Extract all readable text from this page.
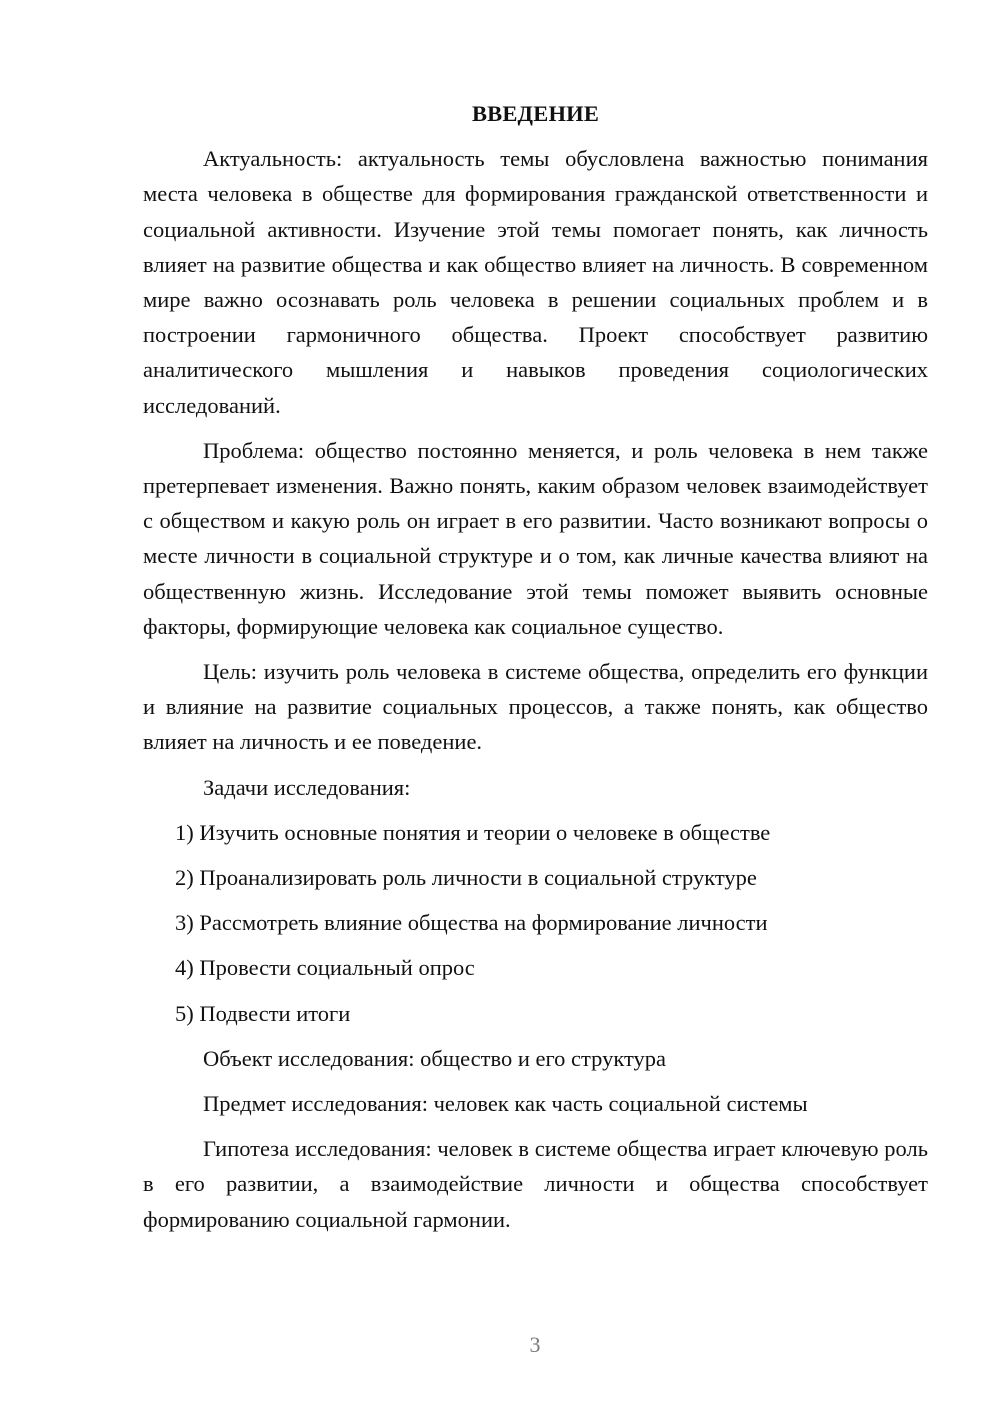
ВВЕДЕНИЕ
Актуальность: актуальность темы обусловлена важностью понимания места человека в обществе для формирования гражданской ответственности и социальной активности. Изучение этой темы помогает понять, как личность влияет на развитие общества и как общество влияет на личность. В современном мире важно осознавать роль человека в решении социальных проблем и в построении гармоничного общества. Проект способствует развитию аналитического мышления и навыков проведения социологических исследований.
Проблема: общество постоянно меняется, и роль человека в нем также претерпевает изменения. Важно понять, каким образом человек взаимодействует с обществом и какую роль он играет в его развитии. Часто возникают вопросы о месте личности в социальной структуре и о том, как личные качества влияют на общественную жизнь. Исследование этой темы поможет выявить основные факторы, формирующие человека как социальное существо.
Цель: изучить роль человека в системе общества, определить его функции и влияние на развитие социальных процессов, а также понять, как общество влияет на личность и ее поведение.
Задачи исследования:
1) Изучить основные понятия и теории о человеке в обществе
2) Проанализировать роль личности в социальной структуре
3) Рассмотреть влияние общества на формирование личности
4) Провести социальный опрос
5) Подвести итоги
Объект исследования: общество и его структура
Предмет исследования: человек как часть социальной системы
Гипотеза исследования: человек в системе общества играет ключевую роль в его развитии, а взаимодействие личности и общества способствует формированию социальной гармонии.
3
